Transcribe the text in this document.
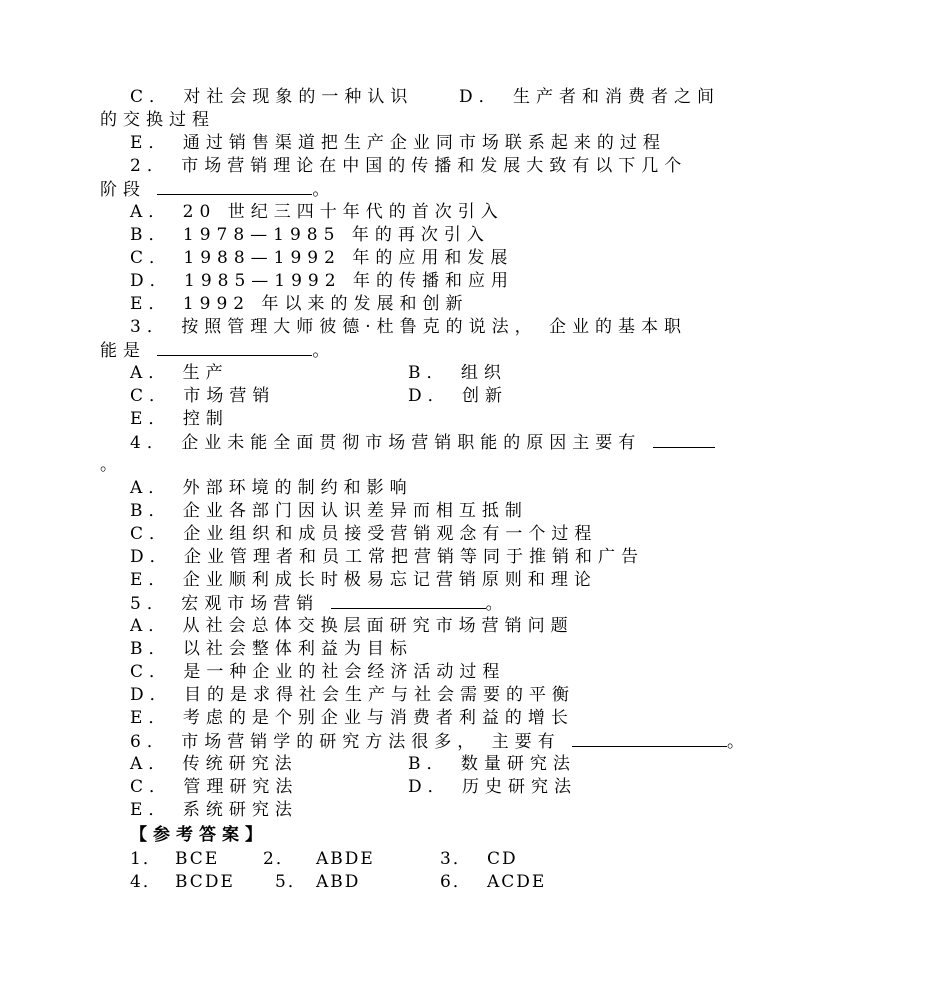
C． 对社会现象的一种认识    D． 生产者和消费者之间
的交换过程
E． 通过销售渠道把生产企业同市场联系起来的过程
2． 市场营销理论在中国的传播和发展大致有以下几个
阶段	。
A． 20 世纪三四十年代的首次引入
B． 1978—1985 年的再次引入
C． 1988—1992 年的应用和发展
D． 1985—1992 年的传播和应用
E． 1992 年以来的发展和创新
3． 按照管理大师彼德·杜鲁克的说法， 企业的基本职
能是	。
A． 生产	B． 组织
C． 市场营销	D． 创新
E． 控制
4． 企业未能全面贯彻市场营销职能的原因主要有
。
A． 外部环境的制约和影响
B． 企业各部门因认识差异而相互抵制
C． 企业组织和成员接受营销观念有一个过程
D． 企业管理者和员工常把营销等同于推销和广告
E． 企业顺利成长时极易忘记营销原则和理论
5． 宏观市场营销	。
A． 从社会总体交换层面研究市场营销问题
B． 以社会整体利益为目标
C． 是一种企业的社会经济活动过程
D． 目的是求得社会生产与社会需要的平衡
E． 考虑的是个别企业与消费者利益的增长
6． 市场营销学的研究方法很多， 主要有	。
A． 传统研究法	B． 数量研究法
C． 管理研究法	D． 历史研究法
E． 系统研究法
【参考答案】
1． BCE	2． ABDE	3． CD
4． BCDE 5． ABD	6． ACDE
